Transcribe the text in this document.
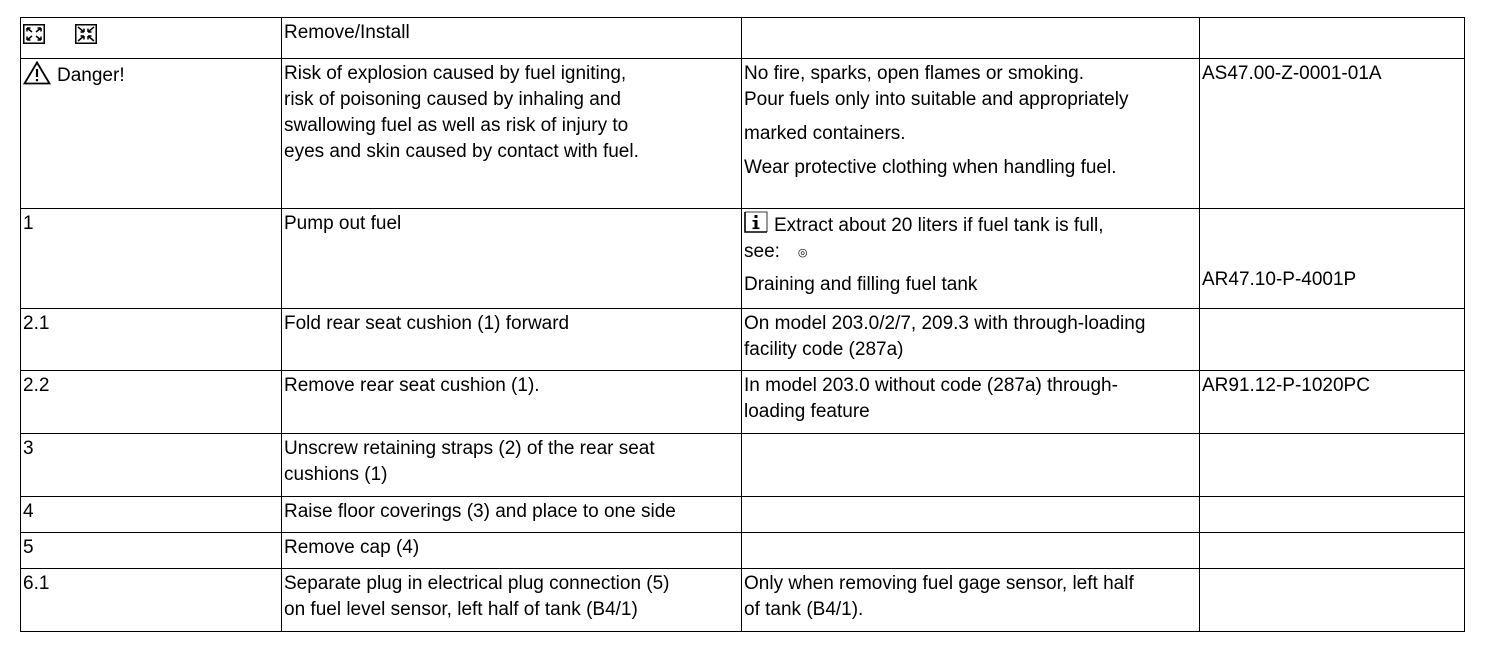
	Remove/Install		
Danger!	Risk of explosion caused by fuel igniting,
risk of poisoning caused by inhaling and
swallowing fuel as well as risk of injury to
eyes and skin caused by contact with fuel.	No fire, sparks, open flames or smoking.
Pour fuels only into suitable and appropriately
marked containers.
Wear protective clothing when handling fuel.	AS47.00-Z-0001-01A
1	Pump out fuel	Extract about 20 liters if fuel tank is full,
see: ◎
Draining and filling fuel tank	AR47.10-P-4001P
2.1	Fold rear seat cushion (1) forward	On model 203.0/2/7, 209.3 with through-loading
facility code (287a)	

2.2	Remove rear seat cushion (1).	In model 203.0 without code (287a) through-
loading feature	AR91.12-P-1020PC
3	Unscrew retaining straps (2) of the rear seat
cushions (1)		

4	Raise floor coverings (3) and place to one side		
5	Remove cap (4)		
6.1	Separate plug in electrical plug connection (5)
on fuel level sensor, left half of tank (B4/1)	Only when removing fuel gage sensor, left half
of tank (B4/1).	
